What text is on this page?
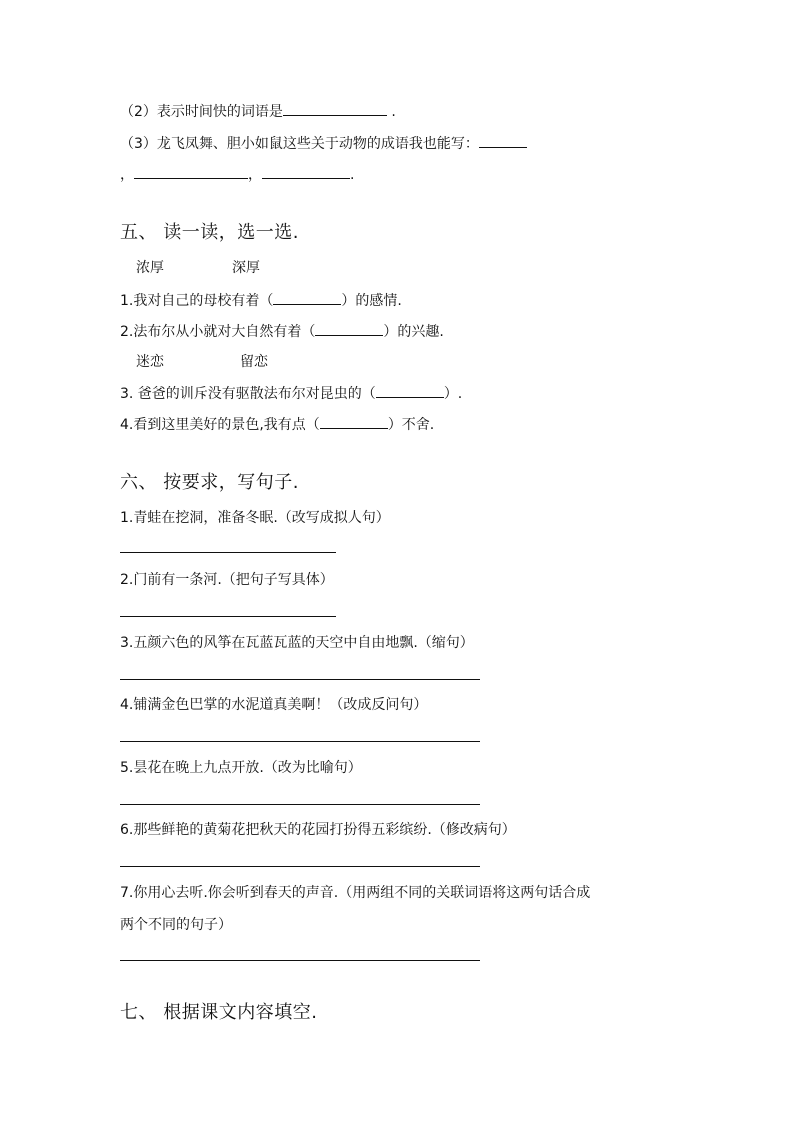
（2）表示时间快的词语是	.
（3）龙飞凤舞、胆小如鼠这些关于动物的成语我也能写：
，	，	.
五、 读一读，选一选.
浓厚	深厚
1.我对自己的母校有着（	）的感情.
2.法布尔从小就对大自然有着（	）的兴趣.
迷恋	留恋
3. 爸爸的训斥没有驱散法布尔对昆虫的（	）.
4.看到这里美好的景色,我有点（	）不舍.
六、 按要求，写句子.
1.青蛙在挖洞，准备冬眠.（改写成拟人句）
2.门前有一条河.（把句子写具体）
3.五颜六色的风筝在瓦蓝瓦蓝的天空中自由地飘.（缩句）
4.铺满金色巴掌的水泥道真美啊！（改成反问句）
5.昙花在晚上九点开放.（改为比喻句）
6.那些鲜艳的黄菊花把秋天的花园打扮得五彩缤纷.（修改病句）
7.你用心去听.你会听到春天的声音.（用两组不同的关联词语将这两句话合成
两个不同的句子）
七、 根据课文内容填空.
